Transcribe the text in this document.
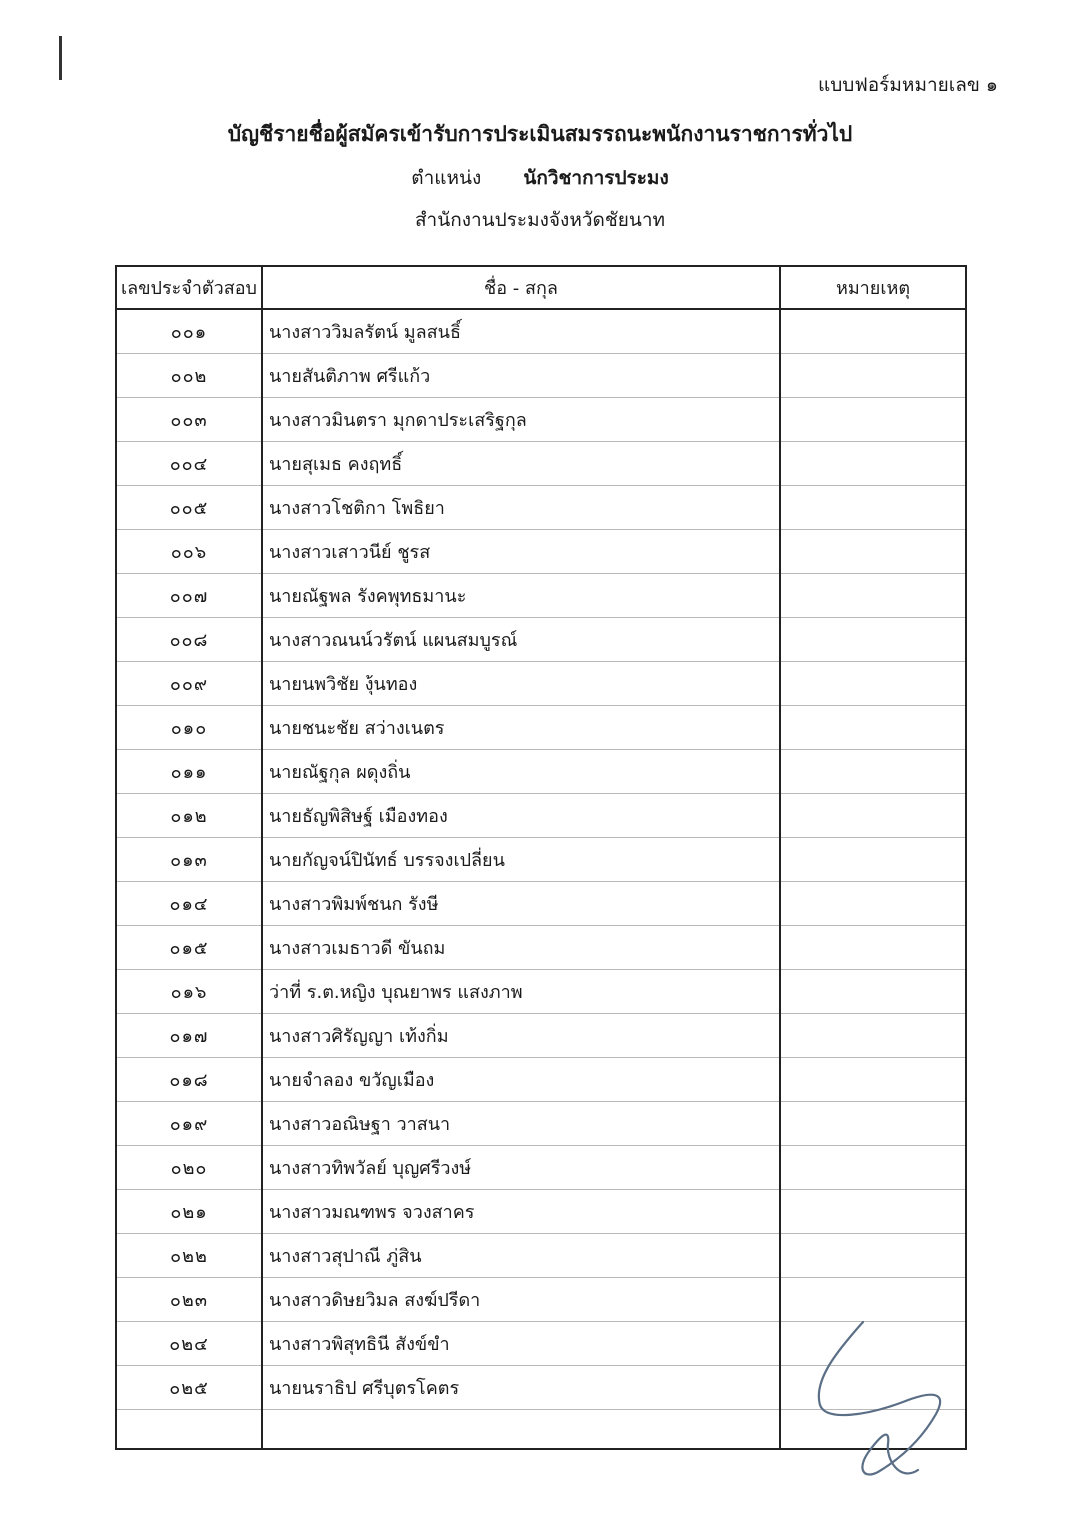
แบบฟอร์มหมายเลข ๑
บัญชีรายชื่อผู้สมัครเข้ารับการประเมินสมรรถนะพนักงานราชการทั่วไป
ตำแหน่ง นักวิชาการประมง
สำนักงานประมงจังหวัดชัยนาท
เลขประจำตัวสอบ	ชื่อ - สกุล	หมายเหตุ
๐๐๑	นางสาววิมลรัตน์ มูลสนธิ์	
๐๐๒	นายสันติภาพ ศรีแก้ว	
๐๐๓	นางสาวมินตรา มุกดาประเสริฐกุล	
๐๐๔	นายสุเมธ คงฤทธิ์	
๐๐๕	นางสาวโชติกา โพธิยา	
๐๐๖	นางสาวเสาวนีย์ ชูรส	
๐๐๗	นายณัฐพล รังคพุทธมานะ	
๐๐๘	นางสาวณนน์วรัตน์ แผนสมบูรณ์	
๐๐๙	นายนพวิชัย งุ้นทอง	
๐๑๐	นายชนะชัย สว่างเนตร	
๐๑๑	นายณัฐกุล ผดุงถิ่น	
๐๑๒	นายธัญพิสิษฐ์ เมืองทอง	
๐๑๓	นายกัญจน์ปินัทธ์ บรรจงเปลี่ยน	
๐๑๔	นางสาวพิมพ์ชนก รังษี	
๐๑๕	นางสาวเมธาวดี ขันถม	
๐๑๖	ว่าที่ ร.ต.หญิง บุณยาพร แสงภาพ	
๐๑๗	นางสาวศิรัญญา เท้งกิ่ม	
๐๑๘	นายจำลอง ขวัญเมือง	
๐๑๙	นางสาวอณิษฐา วาสนา	
๐๒๐	นางสาวทิพวัลย์ บุญศรีวงษ์	
๐๒๑	นางสาวมณฑพร จวงสาคร	
๐๒๒	นางสาวสุปาณี ภู่สิน	
๐๒๓	นางสาวดิษยวิมล สงฆ์ปรีดา	
๐๒๔	นางสาวพิสุทธินี สังข์ขำ	
๐๒๕	นายนราธิป ศรีบุตรโคตร	
